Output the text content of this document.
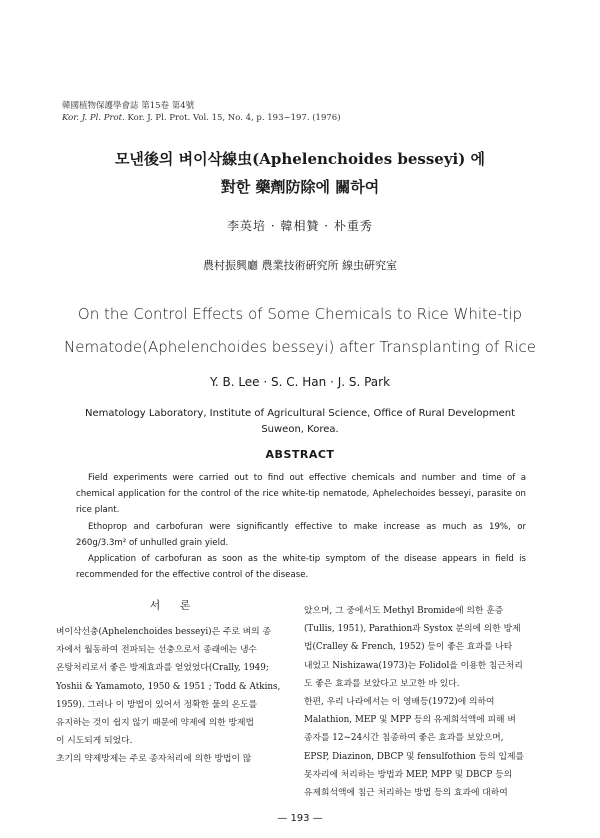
韓國植物保護學會誌 第15卷 第4號
Kor. J. Pl. Prot. Kor. J. Pl. Prot. Vol. 15, No. 4, p. 193~197. (1976)
모낸後의 벼이삭線虫(Aphelenchoides besseyi) 에
對한 藥劑防除에 關하여
李英培 · 韓相贊 · 朴重秀
農村振興廳 農業技術硏究所 線虫硏究室
On the Control Effects of Some Chemicals to Rice White-tip
Nematode(Aphelenchoides besseyi) after Transplanting of Rice
Y. B. Lee · S. C. Han · J. S. Park
Nematology Laboratory, Institute of Agricultural Science, Office of Rural Development
Suweon, Korea.
ABSTRACT

Field experiments were carried out to find out effective chemicals and number and time of a chemical application for the control of the rice white-tip nematode, Aphelechoides besseyi, parasite on rice plant.

Ethoprop and carbofuran were significantly effective to make increase as much as 19%, or 260g/3.3m² of unhulled grain yield.

Application of carbofuran as soon as the white-tip symptom of the disease appears in field is recommended for the effective control of the disease.

서 론
벼이삭선충(Aphelenchoides besseyi)은 주로 벼의 종
자에서 월동하여 전파되는 선충으로서 종래에는 냉수
온탕처리로서 좋은 방제효과를 얻었었다(Crally, 1949;
Yoshii & Yamamoto, 1950 & 1951 ; Todd & Atkins,
1959). 그러나 이 방법이 있어서 정확한 물의 온도를
유지하는 것이 쉽지 않기 때문에 약제에 의한 방제법
이 시도되게 되었다.
초기의 약제방제는 주로 종자처리에 의한 방법이 많
았으며, 그 중에서도 Methyl Bromide에 의한 훈증
(Tullis, 1951), Parathion과 Systox 분의에 의한 방제
법(Cralley & French, 1952) 등이 좋은 효과를 나타
내었고 Nishizawa(1973)는 Folidol을 이용한 침근처리
도 좋은 효과를 보았다고 보고한 바 있다.
한편, 우리 나라에서는 이 영배등(1972)에 의하여
Malathion, MEP 및 MPP 등의 유제희석액에 피해 벼
종자를 12~24시간 침종하여 좋은 효과를 보았으며,
EPSP, Diazinon, DBCP 및 fensulfothion 등의 입제를
못자리에 처리하는 방법과 MEP, MPP 및 DBCP 등의
유제희석액에 침근 처리하는 방법 등의 효과에 대하여
— 193 —
